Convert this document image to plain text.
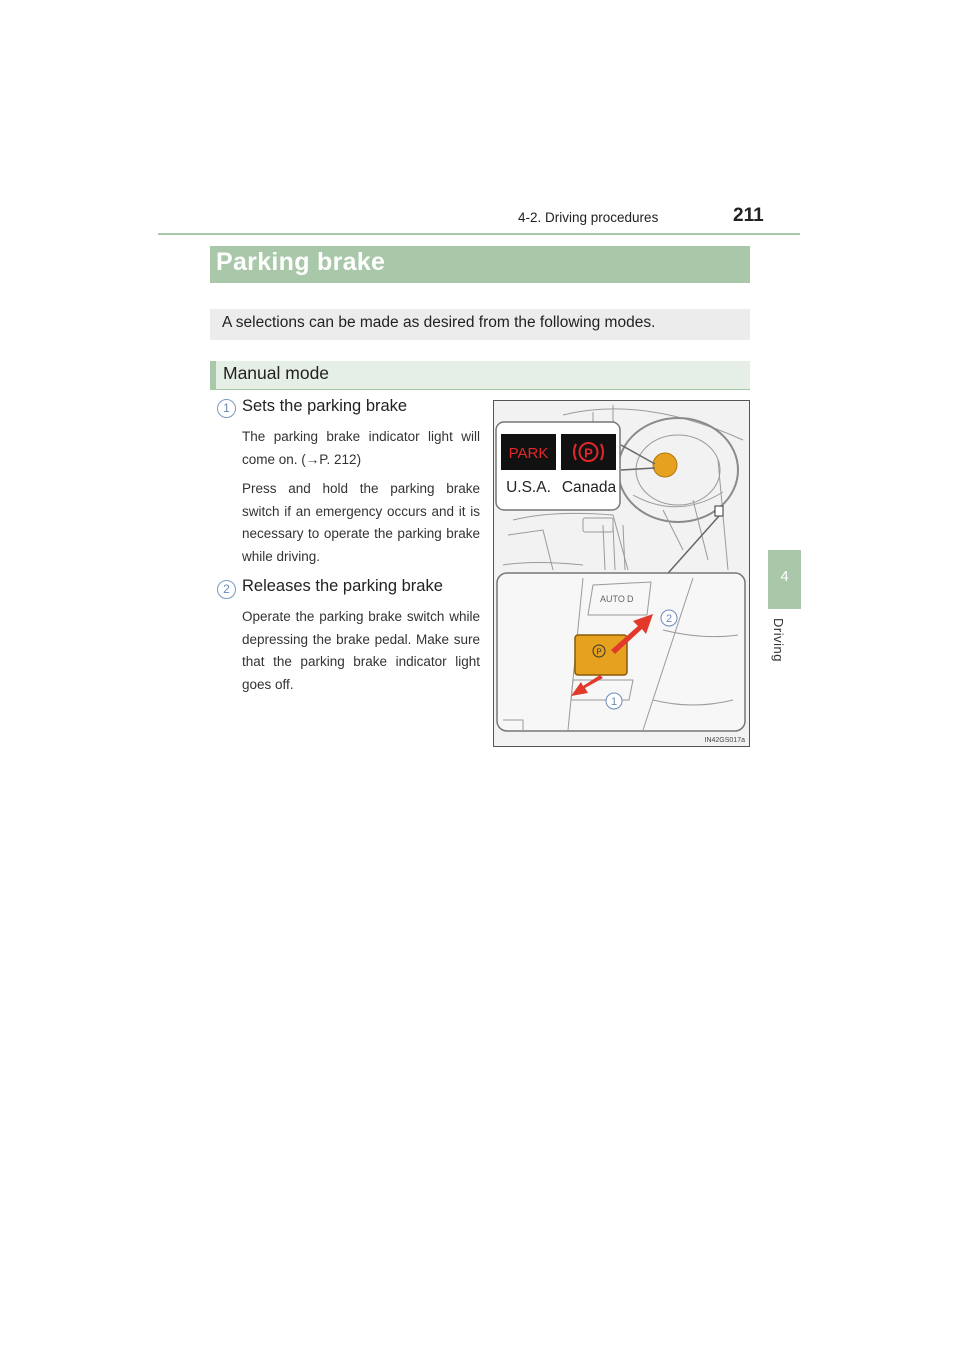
4-2. Driving procedures	211
4
Driving
Parking brake
A selections can be made as desired from the following modes.
Manual mode
1 Sets the parking brake
The parking brake indicator light will come on. (→P. 212)
Press and hold the parking brake switch if an emergency occurs and it is necessary to operate the parking brake while driving.
2 Releases the parking brake
Operate the parking brake switch while depressing the brake pedal. Make sure that the parking brake indicator light goes off.
PARK	P
U.S.A. Canada
AUTO D
P
2
1
IN42GS017a
